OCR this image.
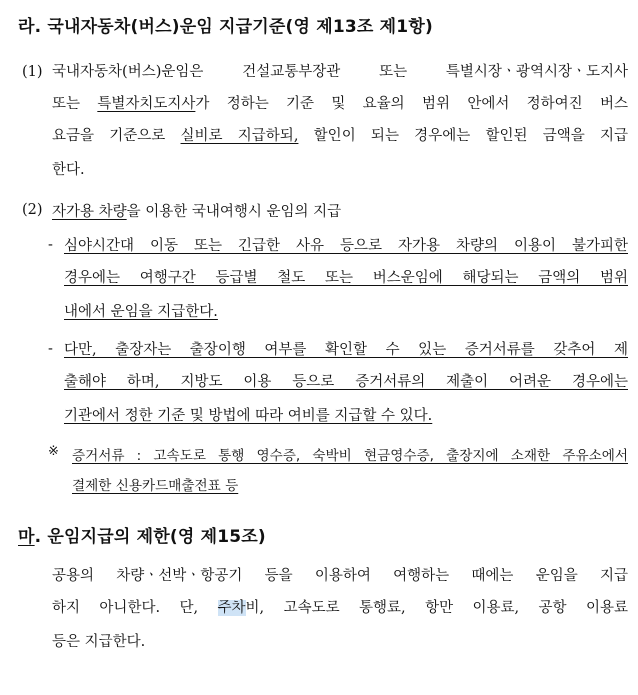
라. 국내자동차(버스)운임 지급기준(영 제13조 제1항)
(1) 국내자동차(버스)운임은 건설교통부장관 또는 특별시장ㆍ광역시장ㆍ도지사
또는 특별자치도지사가 정하는 기준 및 요율의 범위 안에서 정하여진 버스
요금을 기준으로 실비로 지급하되, 할인이 되는 경우에는 할인된 금액을 지급
한다.
(2) 자가용 차량을 이용한 국내여행시 운임의 지급
- 심야시간대 이동 또는 긴급한 사유 등으로 자가용 차량의 이용이 불가피한
경우에는 여행구간 등급별 철도 또는 버스운임에 해당되는 금액의 범위
내에서 운임을 지급한다.
- 다만, 출장자는 출장이행 여부를 확인할 수 있는 증거서류를 갖추어 제
출해야 하며, 지방도 이용 등으로 증거서류의 제출이 어려운 경우에는
기관에서 정한 기준 및 방법에 따라 여비를 지급할 수 있다.
※ 증거서류 : 고속도로 통행 영수증, 숙박비 현금영수증, 출장지에 소재한 주유소에서
결제한 신용카드매출전표 등
마. 운임지급의 제한(영 제15조)
공용의 차량ㆍ선박ㆍ항공기 등을 이용하여 여행하는 때에는 운임을 지급
하지 아니한다. 단, 주차비, 고속도로 통행료, 항만 이용료, 공항 이용료
등은 지급한다.
